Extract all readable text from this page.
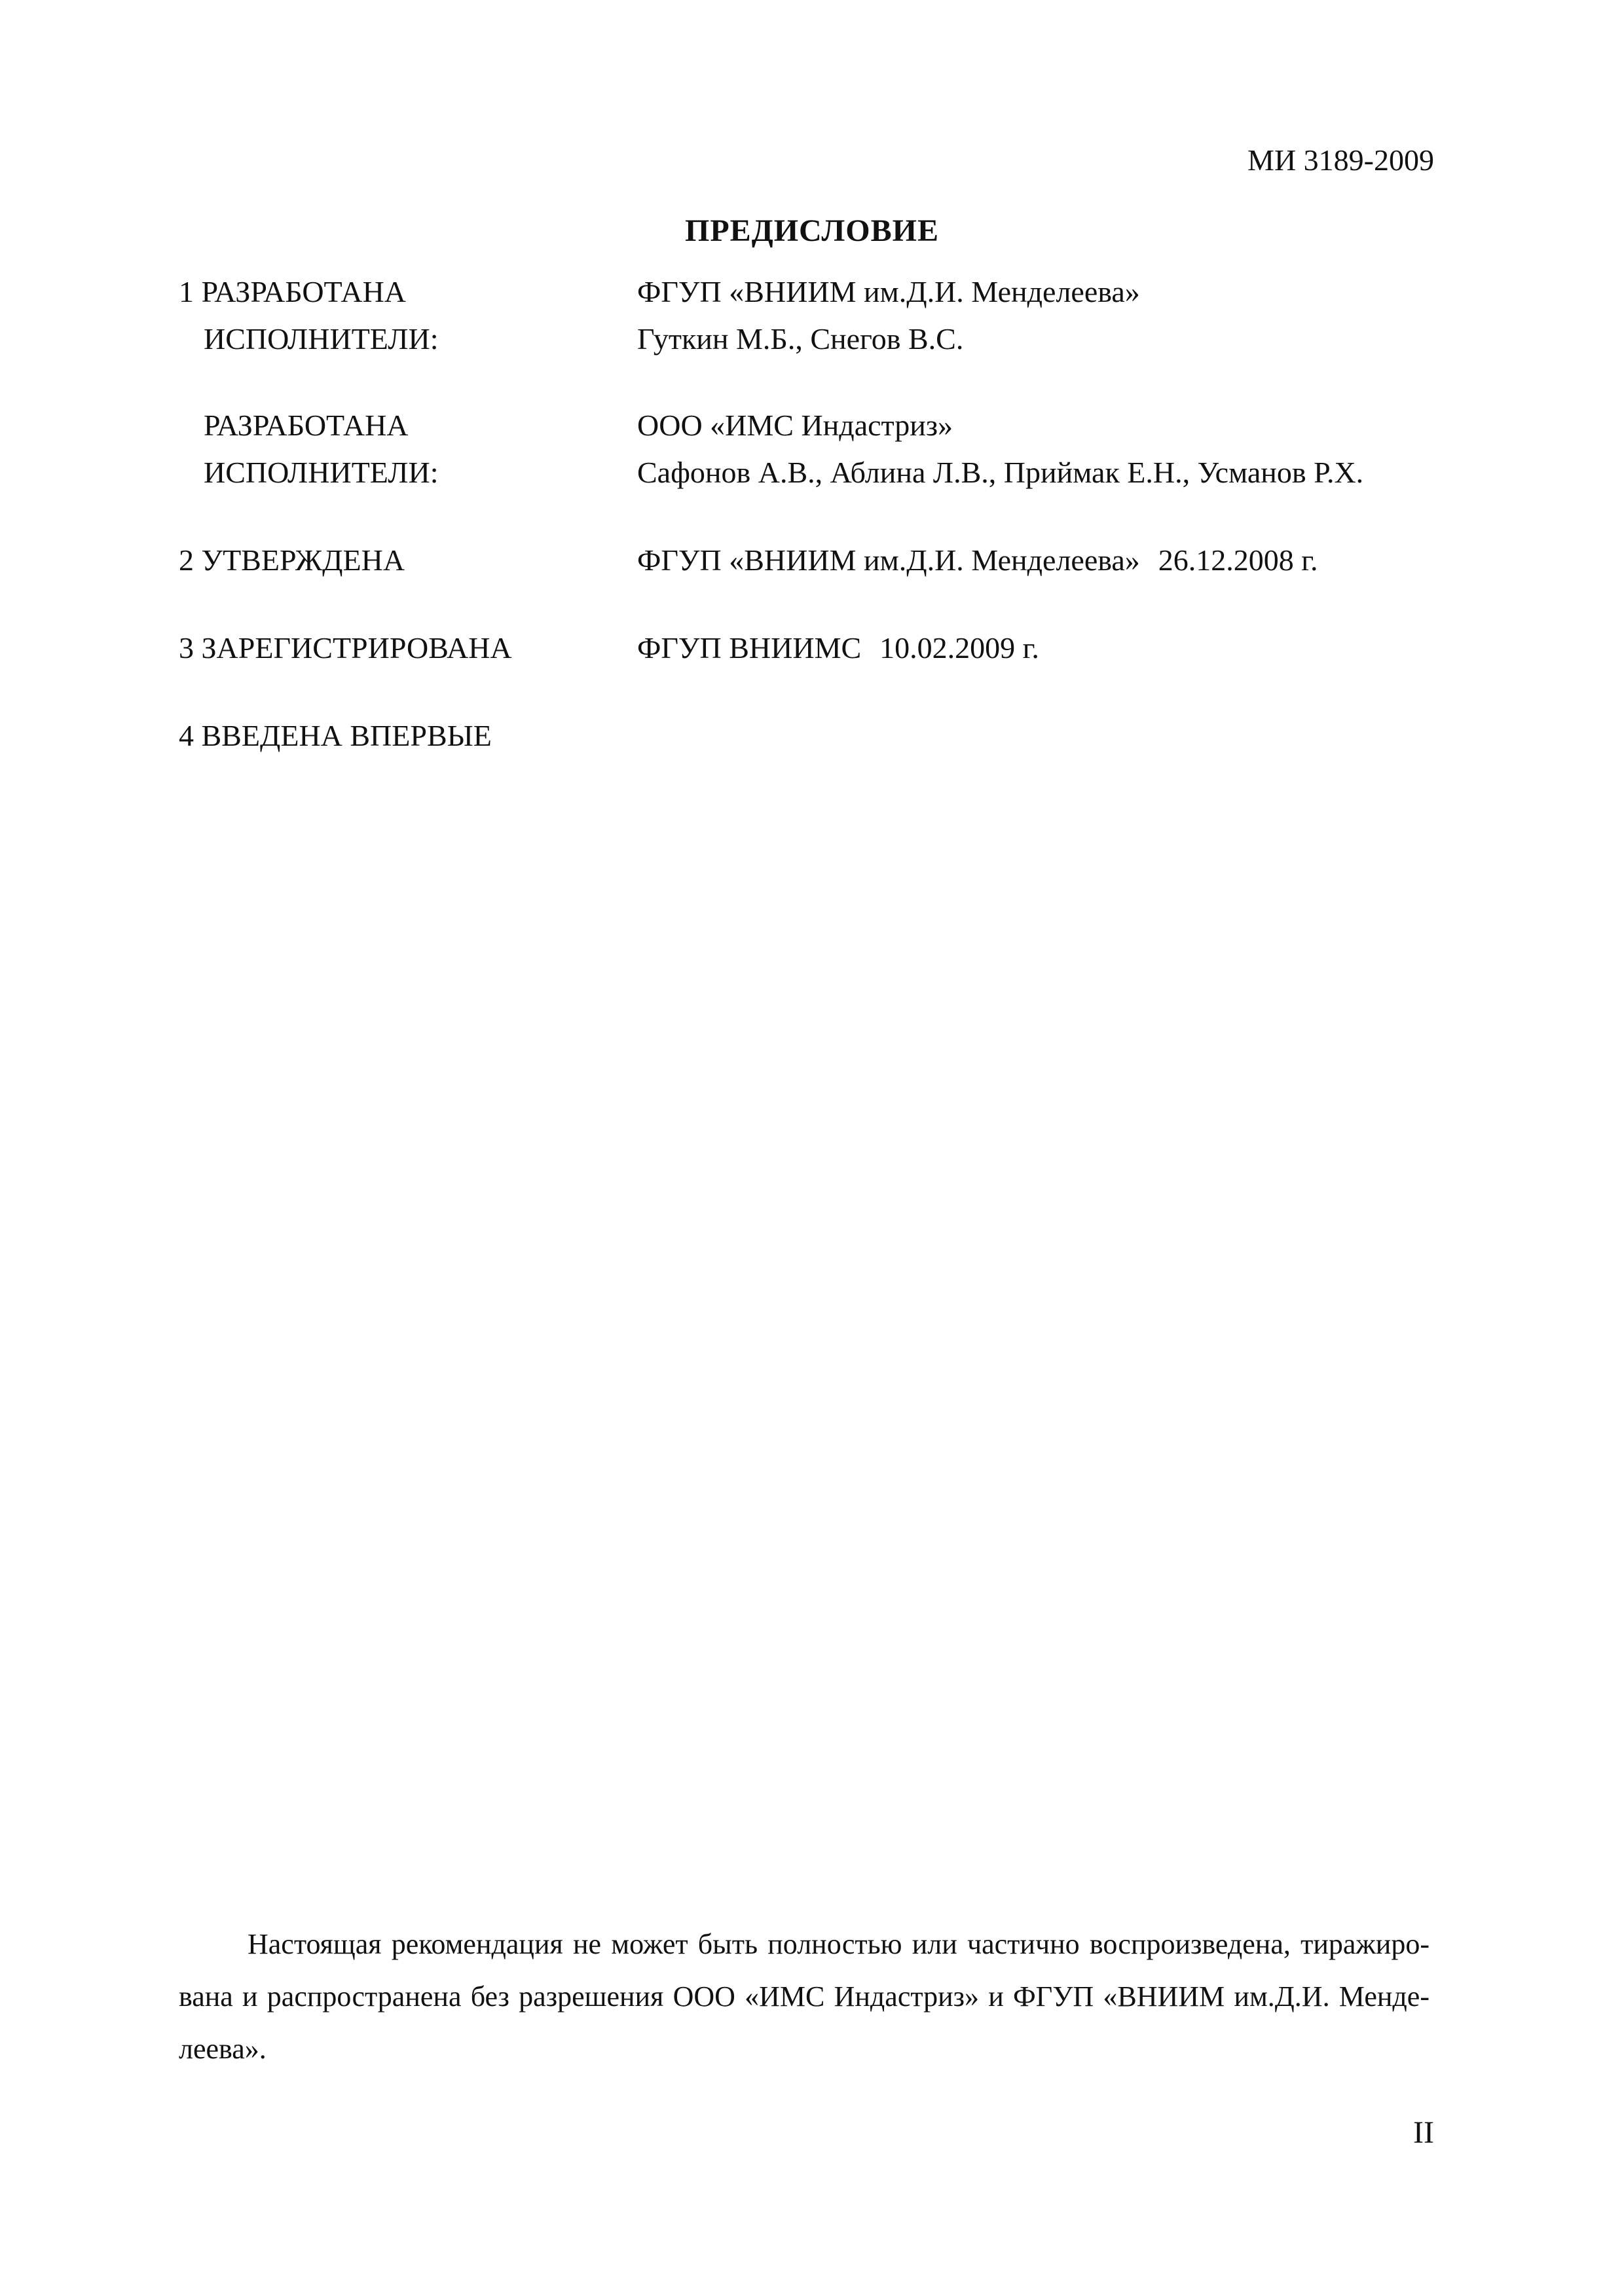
МИ 3189-2009
ПРЕДИСЛОВИЕ
1 РАЗРАБОТАНА	ФГУП «ВНИИМ им.Д.И. Менделеева»
ИСПОЛНИТЕЛИ:	Гуткин М.Б., Снегов В.С.
РАЗРАБОТАНА	ООО «ИМС Индастриз»
ИСПОЛНИТЕЛИ:	Сафонов А.В., Аблина Л.В., Приймак Е.Н., Усманов Р.Х.
2 УТВЕРЖДЕНА	ФГУП «ВНИИМ им.Д.И. Менделеева» 26.12.2008 г.
3 ЗАРЕГИСТРИРОВАНА	ФГУП ВНИИМС 10.02.2009 г.
4 ВВЕДЕНА ВПЕРВЫЕ
Настоящая рекомендация не может быть полностью или частично воспроизведена, тиражирована и распространена без разрешения ООО «ИМС Индастриз» и ФГУП «ВНИИМ им.Д.И. Менделеева».
II
